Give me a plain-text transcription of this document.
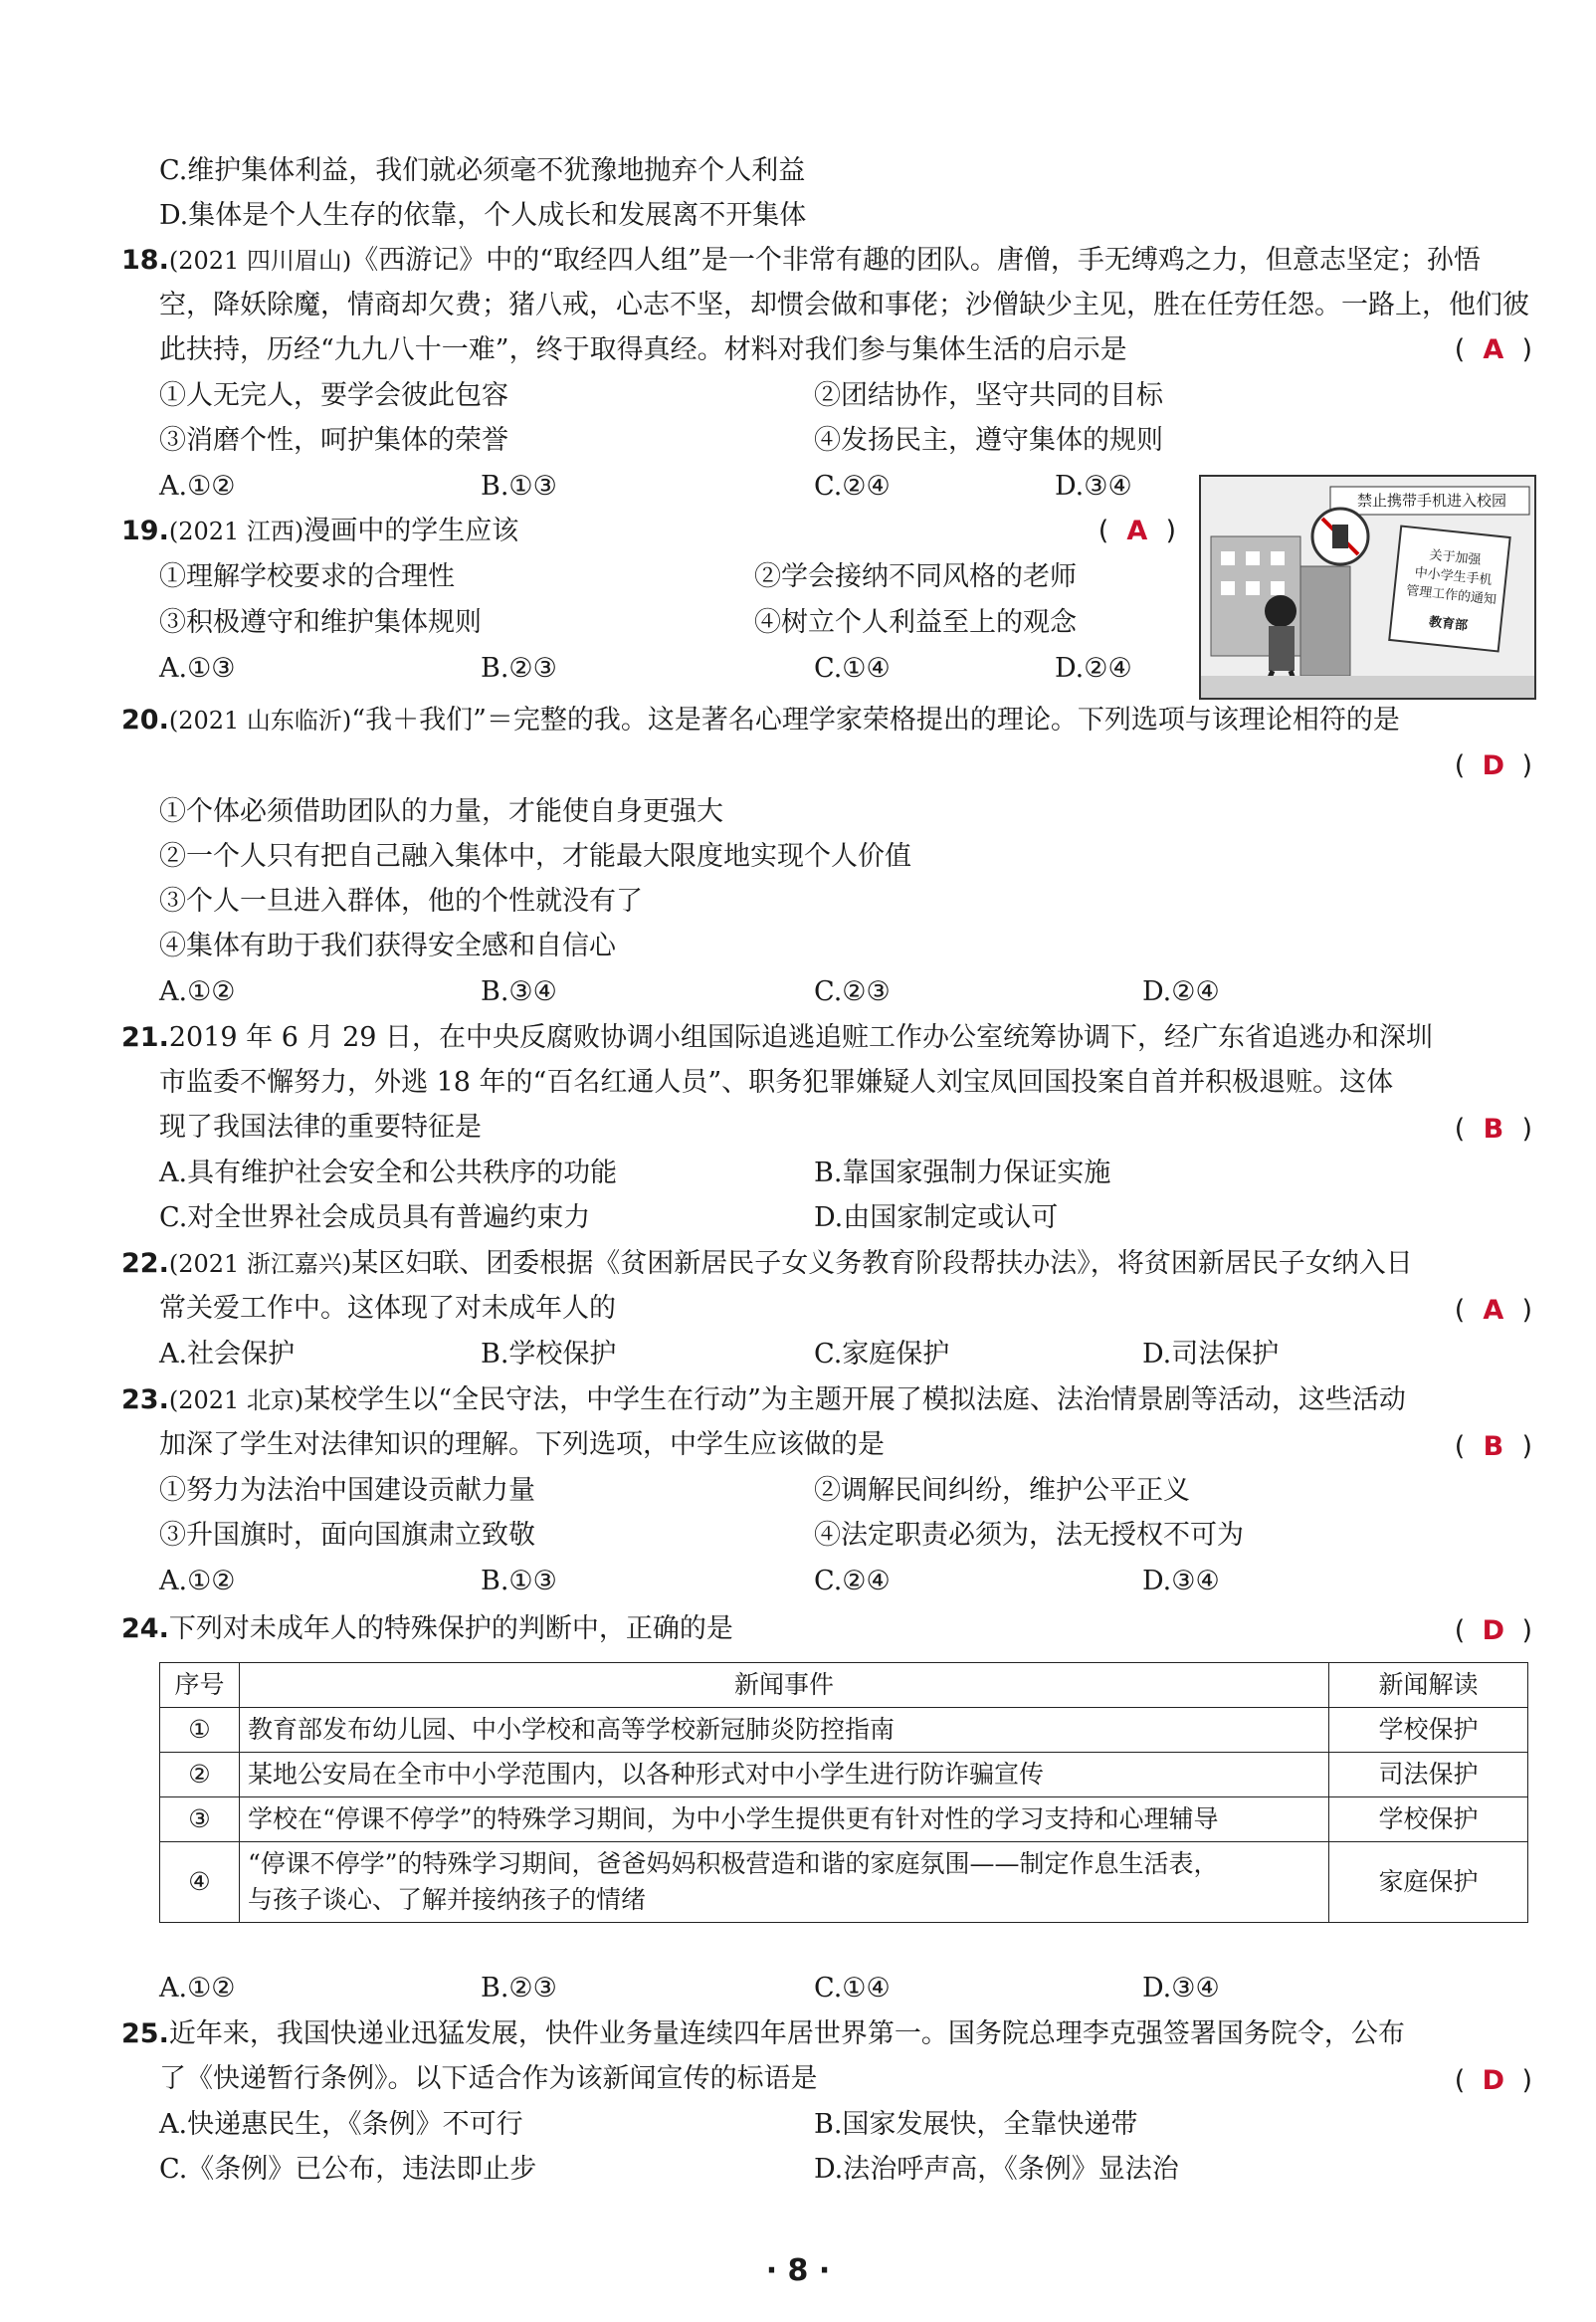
C.维护集体利益，我们就必须毫不犹豫地抛弃个人利益
D.集体是个人生存的依靠，个人成长和发展离不开集体
18.(2021 四川眉山)《西游记》中的“取经四人组”是一个非常有趣的团队。唐僧，手无缚鸡之力，但意志坚定；孙悟
空，降妖除魔，情商却欠费；猪八戒，心志不坚，却惯会做和事佬；沙僧缺少主见，胜在任劳任怨。一路上，他们彼
此扶持，历经“九九八十一难”，终于取得真经。材料对我们参与集体生活的启示是	( A )
①人无完人，要学会彼此包容	②团结协作，坚守共同的目标
③消磨个性，呵护集体的荣誉	④发扬民主，遵守集体的规则
A.①②	B.①③	C.②④	D.③④
19.(2021 江西)漫画中的学生应该	( A )
①理解学校要求的合理性	②学会接纳不同风格的老师
③积极遵守和维护集体规则	④树立个人利益至上的观念
A.①③	B.②③	C.①④	D.②④
禁止携带手机进入校园
关于加强
中小学生手机
管理工作的通知
教育部
20.(2021 山东临沂)“我＋我们”＝完整的我。这是著名心理学家荣格提出的理论。下列选项与该理论相符的是
( D )
①个体必须借助团队的力量，才能使自身更强大
②一个人只有把自己融入集体中，才能最大限度地实现个人价值
③个人一旦进入群体，他的个性就没有了
④集体有助于我们获得安全感和自信心
A.①②	B.③④	C.②③	D.②④
21.2019 年 6 月 29 日，在中央反腐败协调小组国际追逃追赃工作办公室统筹协调下，经广东省追逃办和深圳
市监委不懈努力，外逃 18 年的“百名红通人员”、职务犯罪嫌疑人刘宝凤回国投案自首并积极退赃。这体
现了我国法律的重要特征是	( B )
A.具有维护社会安全和公共秩序的功能	B.靠国家强制力保证实施
C.对全世界社会成员具有普遍约束力	D.由国家制定或认可
22.(2021 浙江嘉兴)某区妇联、团委根据《贫困新居民子女义务教育阶段帮扶办法》，将贫困新居民子女纳入日
常关爱工作中。这体现了对未成年人的	( A )
A.社会保护	B.学校保护	C.家庭保护	D.司法保护
23.(2021 北京)某校学生以“全民守法，中学生在行动”为主题开展了模拟法庭、法治情景剧等活动，这些活动
加深了学生对法律知识的理解。下列选项，中学生应该做的是	( B )
①努力为法治中国建设贡献力量	②调解民间纠纷，维护公平正义
③升国旗时，面向国旗肃立致敬	④法定职责必须为，法无授权不可为
A.①②	B.①③	C.②④	D.③④
24.下列对未成年人的特殊保护的判断中，正确的是	( D )
序号	新闻事件	新闻解读
①	教育部发布幼儿园、中小学校和高等学校新冠肺炎防控指南	学校保护
②	某地公安局在全市中小学范围内，以各种形式对中小学生进行防诈骗宣传	司法保护
③	学校在“停课不停学”的特殊学习期间，为中小学生提供更有针对性的学习支持和心理辅导	学校保护
④	“停课不停学”的特殊学习期间，爸爸妈妈积极营造和谐的家庭氛围——制定作息生活表，
与孩子谈心、了解并接纳孩子的情绪	家庭保护
A.①②	B.②③	C.①④	D.③④
25.近年来，我国快递业迅猛发展，快件业务量连续四年居世界第一。国务院总理李克强签署国务院令，公布
了《快递暂行条例》。以下适合作为该新闻宣传的标语是	( D )
A.快递惠民生，《条例》不可行	B.国家发展快，全靠快递带
C.《条例》已公布，违法即止步	D.法治呼声高，《条例》显法治
· 8 ·
